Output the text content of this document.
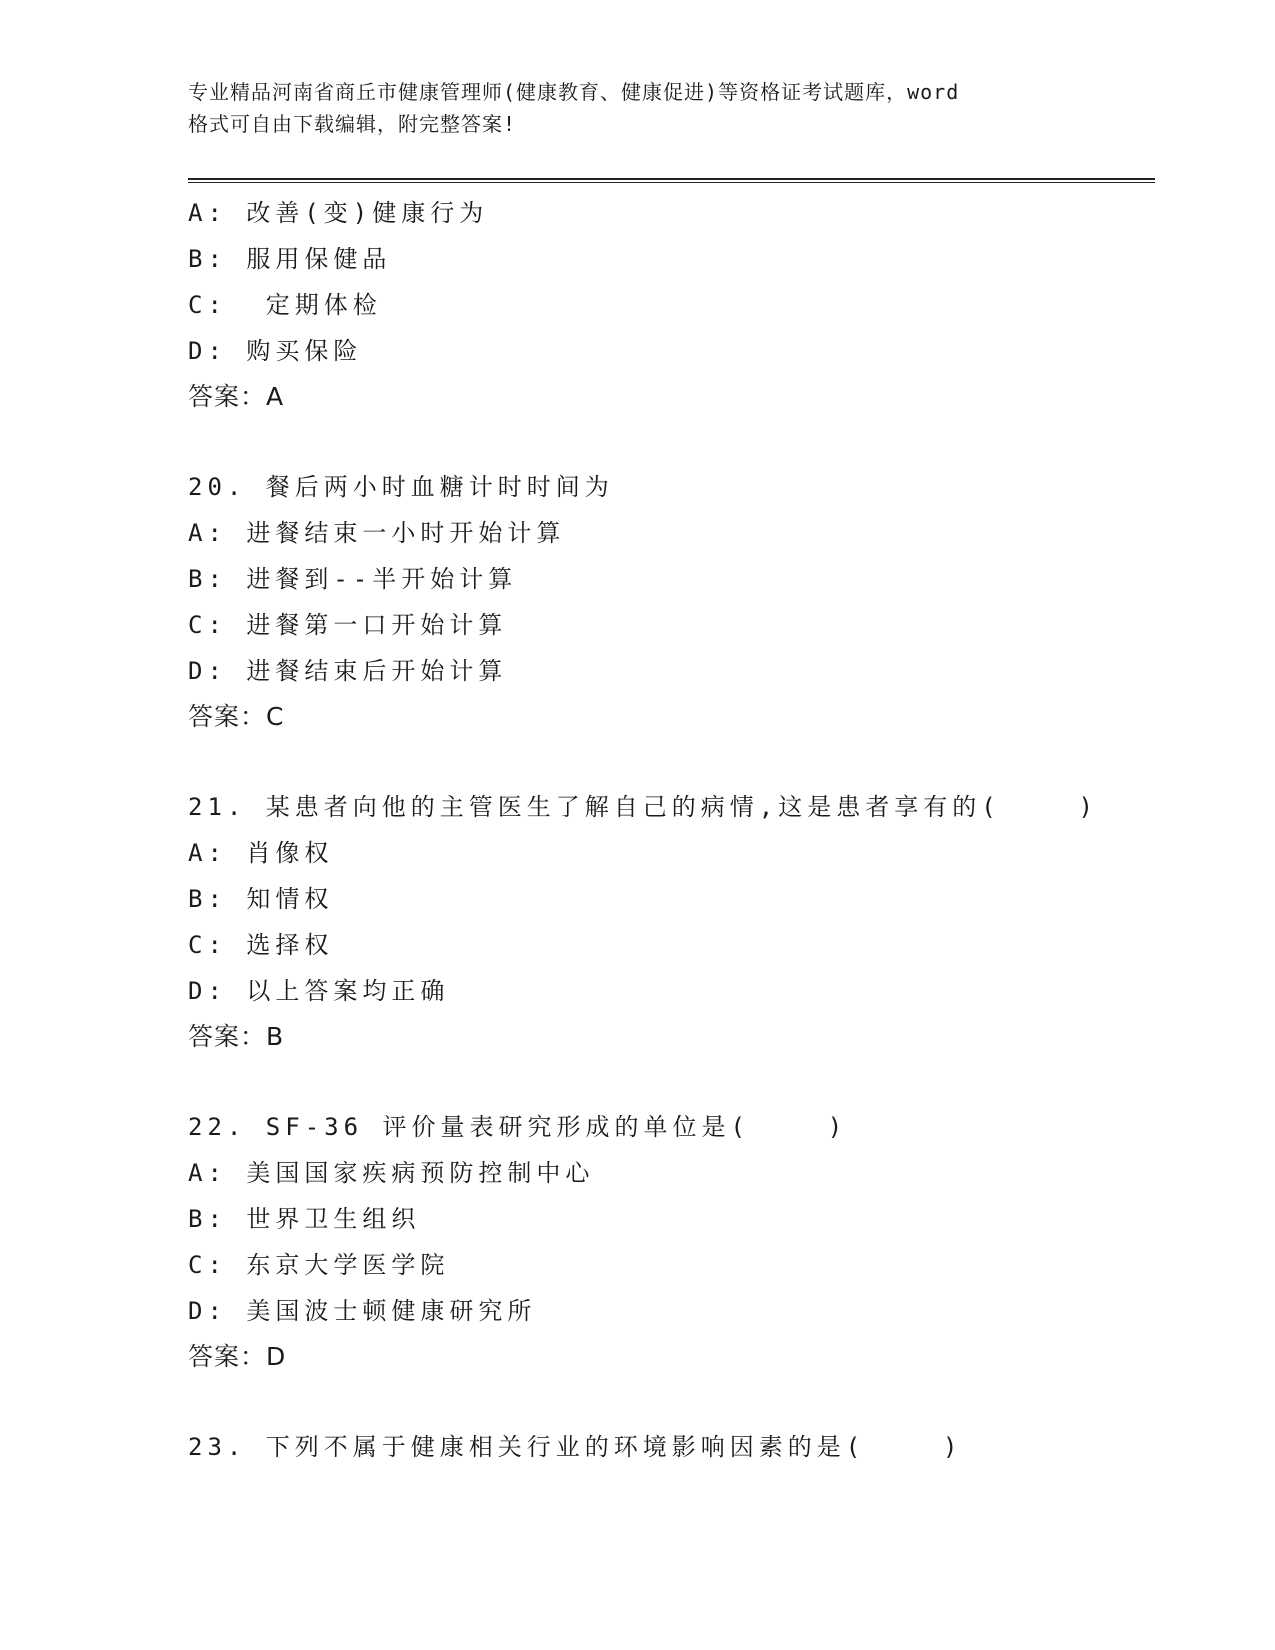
专业精品河南省商丘市健康管理师(健康教育、健康促进)等资格证考试题库，word
格式可自由下载编辑，附完整答案!
A: 改善(变)健康行为
B: 服用保健品
C:  定期体检
D: 购买保险
答案：A
20. 餐后两小时血糖计时时间为
A: 进餐结束一小时开始计算
B: 进餐到--半开始计算
C: 进餐第一口开始计算
D: 进餐结束后开始计算
答案：C
21. 某患者向他的主管医生了解自己的病情,这是患者享有的(    )
A: 肖像权
B: 知情权
C: 选择权
D: 以上答案均正确
答案：B
22. SF-36 评价量表研究形成的单位是(    )
A: 美国国家疾病预防控制中心
B: 世界卫生组织
C: 东京大学医学院
D: 美国波士顿健康研究所
答案：D
23. 下列不属于健康相关行业的环境影响因素的是(    )
